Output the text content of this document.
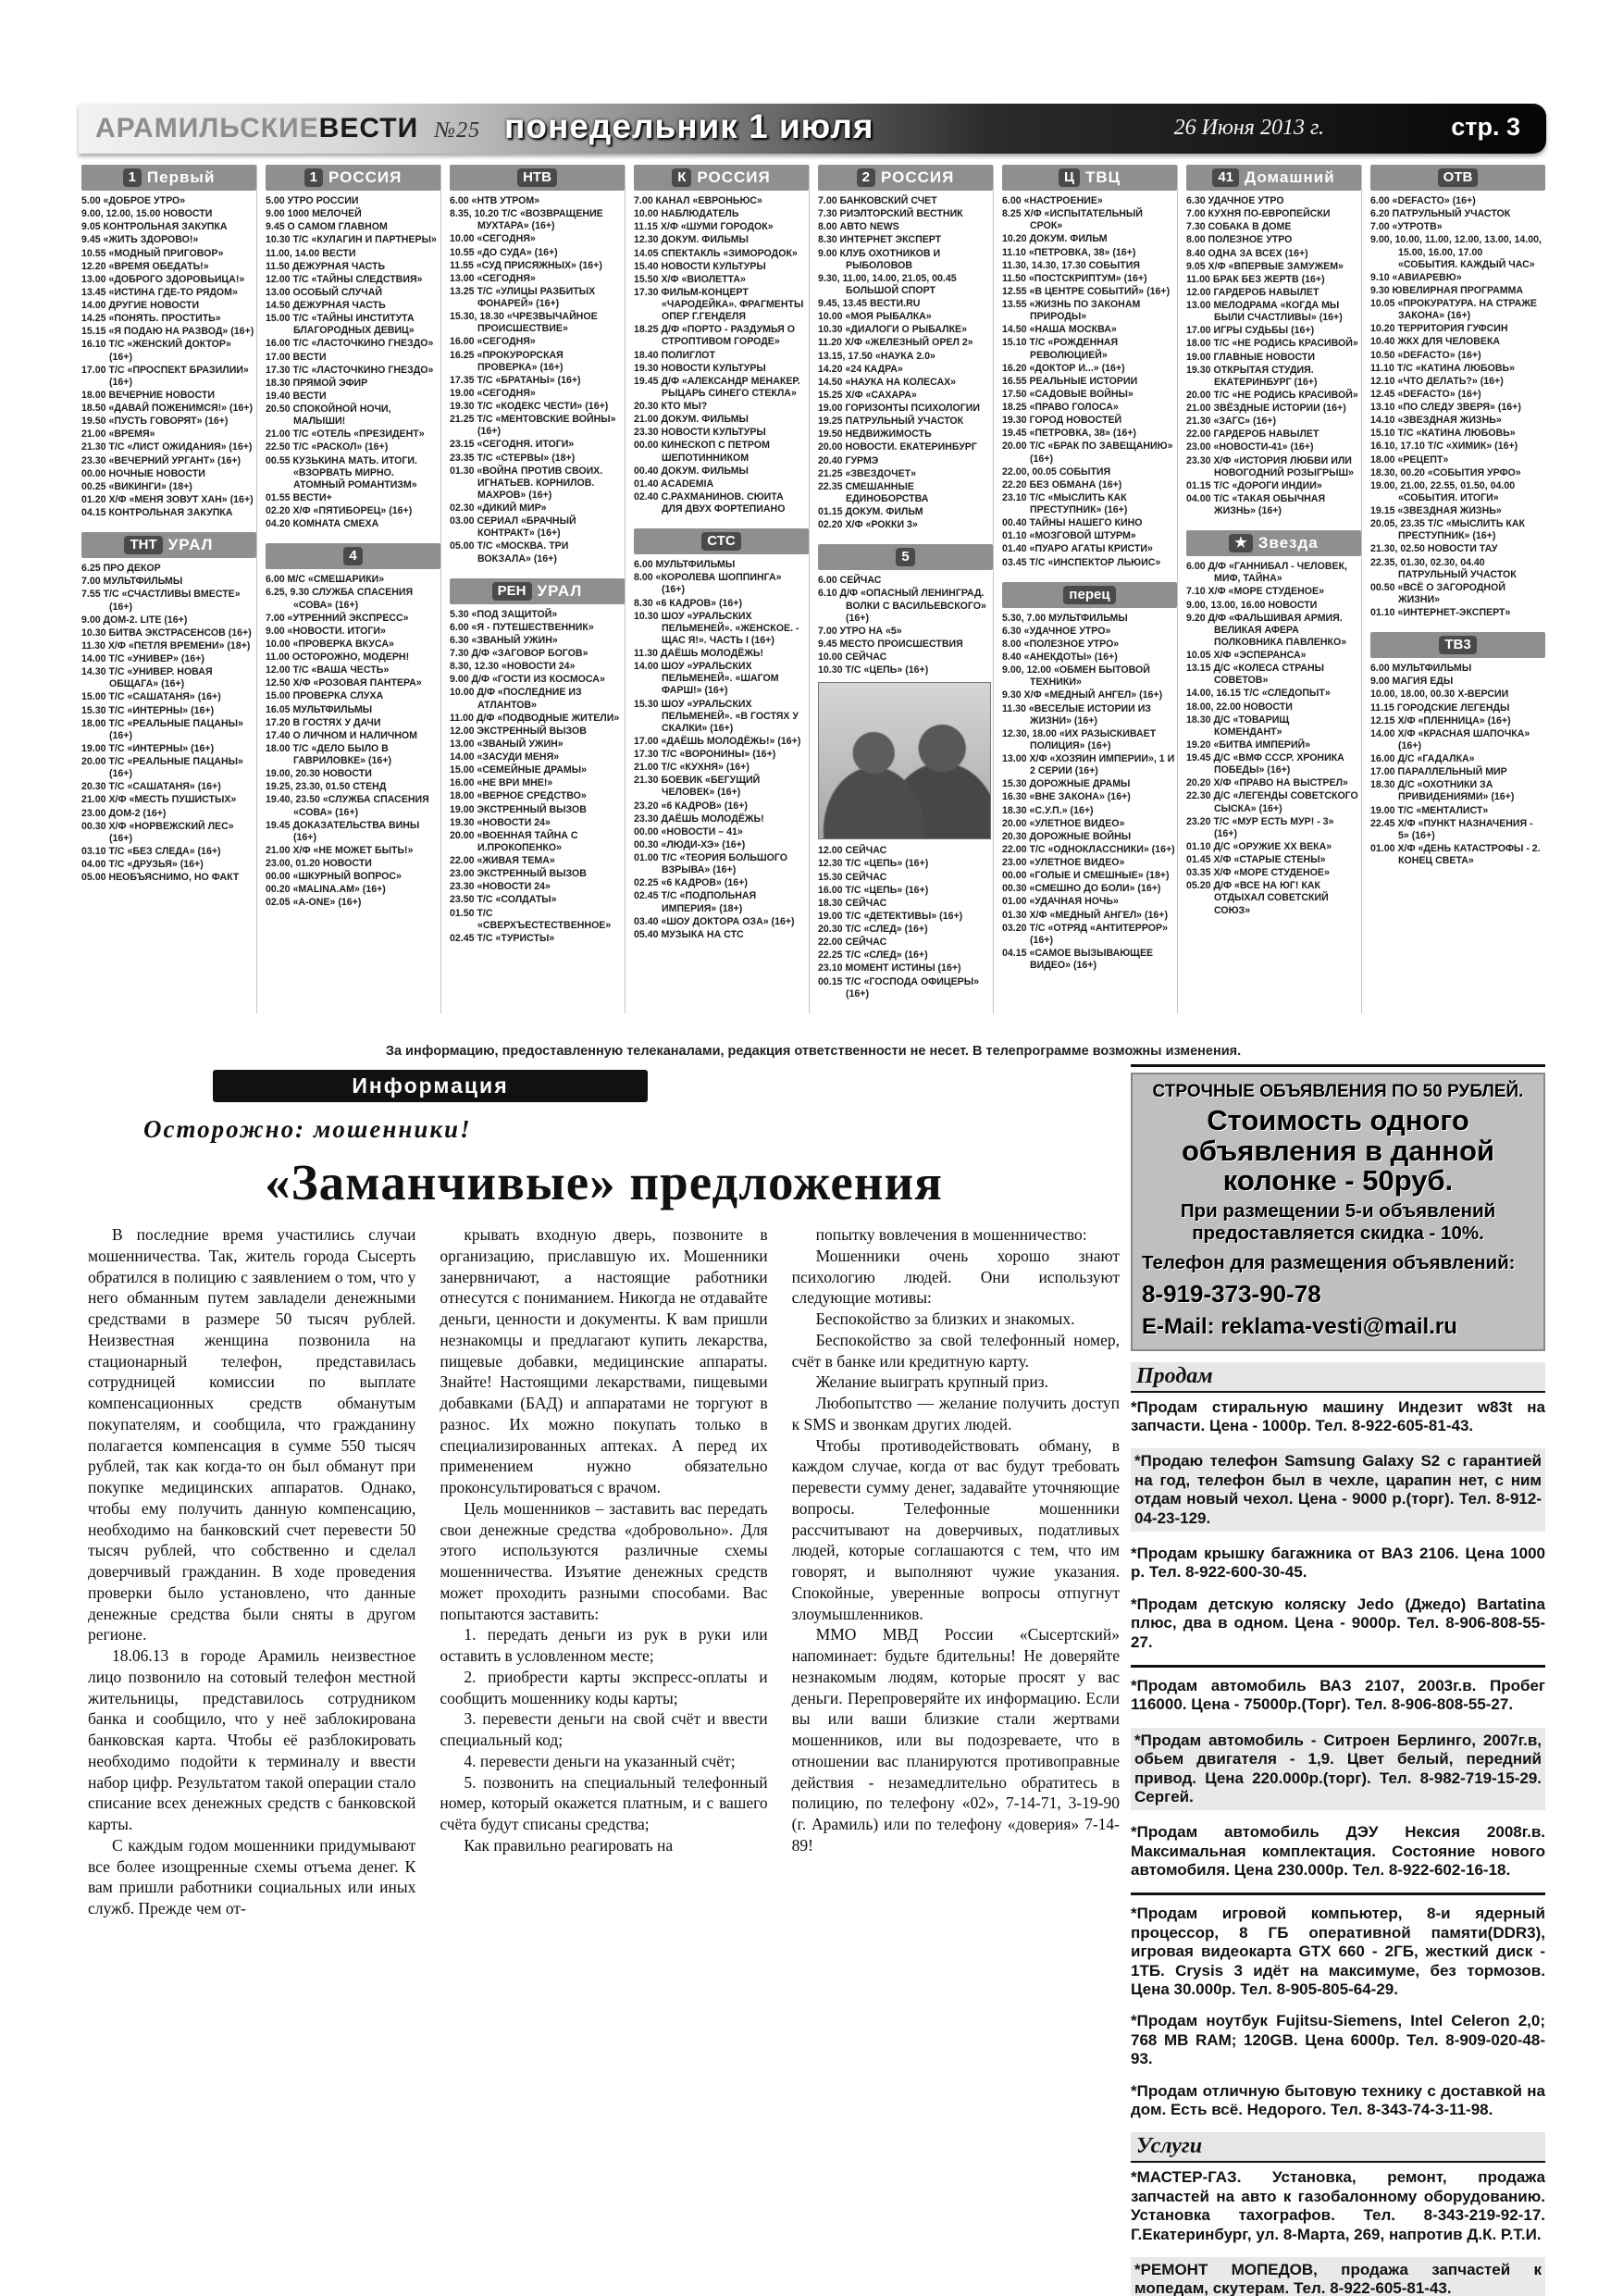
АРАМИЛЬСКИЕВЕСТИ №25 понедельник 1 июля	26 Июня 2013 г.	стр. 3
1 Первый
5.00 «ДОБРОЕ УТРО»
9.00, 12.00, 15.00 НОВОСТИ
9.05 КОНТРОЛЬНАЯ ЗАКУПКА
9.45 «ЖИТЬ ЗДОРОВО!»
10.55 «МОДНЫЙ ПРИГОВОР»
12.20 «ВРЕМЯ ОБЕДАТЬ!»
13.00 «ДОБРОГО ЗДОРОВЬИЦА!»
13.45 «ИСТИНА ГДЕ-ТО РЯДОМ»
14.00 ДРУГИЕ НОВОСТИ
14.25 «ПОНЯТЬ. ПРОСТИТЬ»
15.15 «Я ПОДАЮ НА РАЗВОД» (16+)
16.10 Т/С «ЖЕНСКИЙ ДОКТОР» (16+)
17.00 Т/С «ПРОСПЕКТ БРАЗИЛИИ» (16+)
18.00 ВЕЧЕРНИЕ НОВОСТИ
18.50 «ДАВАЙ ПОЖЕНИМСЯ!» (16+)
19.50 «ПУСТЬ ГОВОРЯТ» (16+)
21.00 «ВРЕМЯ»
21.30 Т/С «ЛИСТ ОЖИДАНИЯ» (16+)
23.30 «ВЕЧЕРНИЙ УРГАНТ» (16+)
00.00 НОЧНЫЕ НОВОСТИ
00.25 «ВИКИНГИ» (18+)
01.20 Х/Ф «МЕНЯ ЗОВУТ ХАН» (16+)
04.15 КОНТРОЛЬНАЯ ЗАКУПКА
ТНТ УРАЛ
6.25 ПРО ДЕКОР
7.00 МУЛЬТФИЛЬМЫ
7.55 Т/С «СЧАСТЛИВЫ ВМЕСТЕ» (16+)
9.00 ДОМ-2. LITE (16+)
10.30 БИТВА ЭКСТРАСЕНСОВ (16+)
11.30 Х/Ф «ПЕТЛЯ ВРЕМЕНИ» (18+)
14.00 Т/С «УНИВЕР» (16+)
14.30 Т/С «УНИВЕР. НОВАЯ ОБЩАГА» (16+)
15.00 Т/С «САШАТАНЯ» (16+)
15.30 Т/С «ИНТЕРНЫ» (16+)
18.00 Т/С «РЕАЛЬНЫЕ ПАЦАНЫ» (16+)
19.00 Т/С «ИНТЕРНЫ» (16+)
20.00 Т/С «РЕАЛЬНЫЕ ПАЦАНЫ» (16+)
20.30 Т/С «САШАТАНЯ» (16+)
21.00 Х/Ф «МЕСТЬ ПУШИСТЫХ»
23.00 ДОМ-2 (16+)
00.30 Х/Ф «НОРВЕЖСКИЙ ЛЕС» (16+)
03.10 Т/С «БЕЗ СЛЕДА» (16+)
04.00 Т/С «ДРУЗЬЯ» (16+)
05.00 НЕОБЪЯСНИМО, НО ФАКТ
1 РОССИЯ
5.00 УТРО РОССИИ
9.00 1000 МЕЛОЧЕЙ
9.45 О САМОМ ГЛАВНОМ
10.30 Т/С «КУЛАГИН И ПАРТНЕРЫ»
11.00, 14.00 ВЕСТИ
11.50 ДЕЖУРНАЯ ЧАСТЬ
12.00 Т/С «ТАЙНЫ СЛЕДСТВИЯ»
13.00 ОСОБЫЙ СЛУЧАЙ
14.50 ДЕЖУРНАЯ ЧАСТЬ
15.00 Т/С «ТАЙНЫ ИНСТИТУТА БЛАГОРОДНЫХ ДЕВИЦ»
16.00 Т/С «ЛАСТОЧКИНО ГНЕЗДО»
17.00 ВЕСТИ
17.30 Т/С «ЛАСТОЧКИНО ГНЕЗДО»
18.30 ПРЯМОЙ ЭФИР
19.40 ВЕСТИ
20.50 СПОКОЙНОЙ НОЧИ, МАЛЫШИ!
21.00 Т/С «ОТЕЛЬ «ПРЕЗИДЕНТ»
22.50 Т/С «РАСКОЛ» (16+)
00.55 КУЗЬКИНА МАТЬ. ИТОГИ. «ВЗОРВАТЬ МИРНО. АТОМНЫЙ РОМАНТИЗМ»
01.55 ВЕСТИ+
02.20 Х/Ф «ПЯТИБОРЕЦ» (16+)
04.20 КОМНАТА СМЕХА
4
6.00 М/С «СМЕШАРИКИ»
6.25, 9.30 СЛУЖБА СПАСЕНИЯ «СОВА» (16+)
7.00 «УТРЕННИЙ ЭКСПРЕСС»
9.00 «НОВОСТИ. ИТОГИ»
10.00 «ПРОВЕРКА ВКУСА»
11.00 ОСТОРОЖНО, МОДЕРН!
12.00 Т/С «ВАША ЧЕСТЬ»
12.50 Х/Ф «РОЗОВАЯ ПАНТЕРА»
15.00 ПРОВЕРКА СЛУХА
16.05 МУЛЬТФИЛЬМЫ
17.20 В ГОСТЯХ У ДАЧИ
17.40 О ЛИЧНОМ И НАЛИЧНОМ
18.00 Т/С «ДЕЛО БЫЛО В ГАВРИЛОВКЕ» (16+)
19.00, 20.30 НОВОСТИ
19.25, 23.30, 01.50 СТЕНД
19.40, 23.50 «СЛУЖБА СПАСЕНИЯ «СОВА» (16+)
19.45 ДОКАЗАТЕЛЬСТВА ВИНЫ (16+)
21.00 Х/Ф «НЕ МОЖЕТ БЫТЬ!»
23.00, 01.20 НОВОСТИ
00.00 «ШКУРНЫЙ ВОПРОС»
00.20 «MALINA.AM» (16+)
02.05 «A-ONE» (16+)
НТВ
6.00 «НТВ УТРОМ»
8.35, 10.20 Т/С «ВОЗВРАЩЕНИЕ МУХТАРА» (16+)
10.00 «СЕГОДНЯ»
10.55 «ДО СУДА» (16+)
11.55 «СУД ПРИСЯЖНЫХ» (16+)
13.00 «СЕГОДНЯ»
13.25 Т/С «УЛИЦЫ РАЗБИТЫХ ФОНАРЕЙ» (16+)
15.30, 18.30 «ЧРЕЗВЫЧАЙНОЕ ПРОИСШЕСТВИЕ»
16.00 «СЕГОДНЯ»
16.25 «ПРОКУРОРСКАЯ ПРОВЕРКА» (16+)
17.35 Т/С «БРАТАНЫ» (16+)
19.00 «СЕГОДНЯ»
19.30 Т/С «КОДЕКС ЧЕСТИ» (16+)
21.25 Т/С «МЕНТОВСКИЕ ВОЙНЫ» (16+)
23.15 «СЕГОДНЯ. ИТОГИ»
23.35 Т/С «СТЕРВЫ» (18+)
01.30 «ВОЙНА ПРОТИВ СВОИХ. ИГНАТЬЕВ. КОРНИЛОВ. МАХРОВ» (16+)
02.30 «ДИКИЙ МИР»
03.00 СЕРИАЛ «БРАЧНЫЙ КОНТРАКТ» (16+)
05.00 Т/С «МОСКВА. ТРИ ВОКЗАЛА» (16+)
РЕН УРАЛ
5.30 «ПОД ЗАЩИТОЙ»
6.00 «Я - ПУТЕШЕСТВЕННИК»
6.30 «ЗВАНЫЙ УЖИН»
7.30 Д/Ф «ЗАГОВОР БОГОВ»
8.30, 12.30 «НОВОСТИ 24»
9.00 Д/Ф «ГОСТИ ИЗ КОСМОСА»
10.00 Д/Ф «ПОСЛЕДНИЕ ИЗ АТЛАНТОВ»
11.00 Д/Ф «ПОДВОДНЫЕ ЖИТЕЛИ»
12.00 ЭКСТРЕННЫЙ ВЫЗОВ
13.00 «ЗВАНЫЙ УЖИН»
14.00 «ЗАСУДИ МЕНЯ»
15.00 «СЕМЕЙНЫЕ ДРАМЫ»
16.00 «НЕ ВРИ МНЕ!»
18.00 «ВЕРНОЕ СРЕДСТВО»
19.00 ЭКСТРЕННЫЙ ВЫЗОВ
19.30 «НОВОСТИ 24»
20.00 «ВОЕННАЯ ТАЙНА С И.ПРОКОПЕНКО»
22.00 «ЖИВАЯ ТЕМА»
23.00 ЭКСТРЕННЫЙ ВЫЗОВ
23.30 «НОВОСТИ 24»
23.50 Т/С «СОЛДАТЫ»
01.50 Т/С «СВЕРХЪЕСТЕСТВЕННОЕ»
02.45 Т/С «ТУРИСТЫ»
К РОССИЯ
7.00 КАНАЛ «ЕВРОНЬЮС»
10.00 НАБЛЮДАТЕЛЬ
11.15 Х/Ф «ШУМИ ГОРОДОК»
12.30 ДОКУМ. ФИЛЬМЫ
14.05 СПЕКТАКЛЬ «ЗИМОРОДОК»
15.40 НОВОСТИ КУЛЬТУРЫ
15.50 Х/Ф «ВИОЛЕТТА»
17.30 ФИЛЬМ-КОНЦЕРТ «ЧАРОДЕЙКА». ФРАГМЕНТЫ ОПЕР Г.ГЕНДЕЛЯ
18.25 Д/Ф «ПОРТО - РАЗДУМЬЯ О СТРОПТИВОМ ГОРОДЕ»
18.40 ПОЛИГЛОТ
19.30 НОВОСТИ КУЛЬТУРЫ
19.45 Д/Ф «АЛЕКСАНДР МЕНАКЕР. РЫЦАРЬ СИНЕГО СТЕКЛА»
20.30 КТО МЫ?
21.00 ДОКУМ. ФИЛЬМЫ
23.30 НОВОСТИ КУЛЬТУРЫ
00.00 КИНЕСКОП С ПЕТРОМ ШЕПОТИННИКОМ
00.40 ДОКУМ. ФИЛЬМЫ
01.40 ACADEMIA
02.40 С.РАХМАНИНОВ. СЮИТА ДЛЯ ДВУХ ФОРТЕПИАНО
СТС
6.00 МУЛЬТФИЛЬМЫ
8.00 «КОРОЛЕВА ШОППИНГА» (16+)
8.30 «6 КАДРОВ» (16+)
10.30 ШОУ «УРАЛЬСКИХ ПЕЛЬМЕНЕЙ». «ЖЕНСКОЕ. - ЩАС Я!». ЧАСТЬ I (16+)
11.30 ДАЁШЬ МОЛОДЁЖЬ!
14.00 ШОУ «УРАЛЬСКИХ ПЕЛЬМЕНЕЙ». «ШАГОМ ФАРШ!» (16+)
15.30 ШОУ «УРАЛЬСКИХ ПЕЛЬМЕНЕЙ». «В ГОСТЯХ У СКАЛКИ» (16+)
17.00 «ДАЁШЬ МОЛОДЁЖЬ!» (16+)
17.30 Т/С «ВОРОНИНЫ» (16+)
21.00 Т/С «КУХНЯ» (16+)
21.30 БОЕВИК «БЕГУЩИЙ ЧЕЛОВЕК» (16+)
23.20 «6 КАДРОВ» (16+)
23.30 ДАЁШЬ МОЛОДЁЖЬ!
00.00 «НОВОСТИ – 41»
00.30 «ЛЮДИ-ХЭ» (16+)
01.00 Т/С «ТЕОРИЯ БОЛЬШОГО ВЗРЫВА» (16+)
02.25 «6 КАДРОВ» (16+)
02.45 Т/С «ПОДПОЛЬНАЯ ИМПЕРИЯ» (18+)
03.40 «ШОУ ДОКТОРА ОЗА» (16+)
05.40 МУЗЫКА НА СТС
2 РОССИЯ
7.00 БАНКОВСКИЙ СЧЕТ
7.30 РИЭЛТОРСКИЙ ВЕСТНИК
8.00 АВТО NEWS
8.30 ИНТЕРНЕТ ЭКСПЕРТ
9.00 КЛУБ ОХОТНИКОВ И РЫБОЛОВОВ
9.30, 11.00, 14.00, 21.05, 00.45 БОЛЬШОЙ СПОРТ
9.45, 13.45 ВЕСТИ.RU
10.00 «МОЯ РЫБАЛКА»
10.30 «ДИАЛОГИ О РЫБАЛКЕ»
11.20 Х/Ф «ЖЕЛЕЗНЫЙ ОРЕЛ 2»
13.15, 17.50 «НАУКА 2.0»
14.20 «24 КАДРА»
14.50 «НАУКА НА КОЛЕСАХ»
15.25 Х/Ф «САХАРА»
19.00 ГОРИЗОНТЫ ПСИХОЛОГИИ
19.25 ПАТРУЛЬНЫЙ УЧАСТОК
19.50 НЕДВИЖИМОСТЬ
20.00 НОВОСТИ. ЕКАТЕРИНБУРГ
20.40 ГУРМЭ
21.25 «ЗВЕЗДОЧЕТ»
22.35 СМЕШАННЫЕ ЕДИНОБОРСТВА
01.15 ДОКУМ. ФИЛЬМ
02.20 Х/Ф «РОККИ 3»
5
6.00 СЕЙЧАС
6.10 Д/Ф «ОПАСНЫЙ ЛЕНИНГРАД. ВОЛКИ С ВАСИЛЬЕВСКОГО» (16+)
7.00 УТРО НА «5»
9.45 МЕСТО ПРОИСШЕСТВИЯ
10.00 СЕЙЧАС
10.30 Т/С «ЦЕПЬ» (16+)
12.00 СЕЙЧАС
12.30 Т/С «ЦЕПЬ» (16+)
15.30 СЕЙЧАС
16.00 Т/С «ЦЕПЬ» (16+)
18.30 СЕЙЧАС
19.00 Т/С «ДЕТЕКТИВЫ» (16+)
20.30 Т/С «СЛЕД» (16+)
22.00 СЕЙЧАС
22.25 Т/С «СЛЕД» (16+)
23.10 МОМЕНТ ИСТИНЫ (16+)
00.15 Т/С «ГОСПОДА ОФИЦЕРЫ» (16+)
Ц ТВЦ
6.00 «НАСТРОЕНИЕ»
8.25 Х/Ф «ИСПЫТАТЕЛЬНЫЙ СРОК»
10.20 ДОКУМ. ФИЛЬМ
11.10 «ПЕТРОВКА, 38» (16+)
11.30, 14.30, 17.30 СОБЫТИЯ
11.50 «ПОСТСКРИПТУМ» (16+)
12.55 «В ЦЕНТРЕ СОБЫТИЙ» (16+)
13.55 «ЖИЗНЬ ПО ЗАКОНАМ ПРИРОДЫ»
14.50 «НАША МОСКВА»
15.10 Т/С «РОЖДЕННАЯ РЕВОЛЮЦИЕЙ»
16.20 «ДОКТОР И...» (16+)
16.55 РЕАЛЬНЫЕ ИСТОРИИ
17.50 «САДОВЫЕ ВОЙНЫ»
18.25 «ПРАВО ГОЛОСА»
19.30 ГОРОД НОВОСТЕЙ
19.45 «ПЕТРОВКА, 38» (16+)
20.00 Т/С «БРАК ПО ЗАВЕЩАНИЮ» (16+)
22.00, 00.05 СОБЫТИЯ
22.20 БЕЗ ОБМАНА (16+)
23.10 Т/С «МЫСЛИТЬ КАК ПРЕСТУПНИК» (16+)
00.40 ТАЙНЫ НАШЕГО КИНО
01.10 «МОЗГОВОЙ ШТУРМ»
01.40 «ПУАРО АГАТЫ КРИСТИ»
03.45 Т/С «ИНСПЕКТОР ЛЬЮИС»
перец
5.30, 7.00 МУЛЬТФИЛЬМЫ
6.30 «УДАЧНОЕ УТРО»
8.00 «ПОЛЕЗНОЕ УТРО»
8.40 «АНЕКДОТЫ» (16+)
9.00, 12.00 «ОБМЕН БЫТОВОЙ ТЕХНИКИ»
9.30 Х/Ф «МЕДНЫЙ АНГЕЛ» (16+)
11.30 «ВЕСЕЛЫЕ ИСТОРИИ ИЗ ЖИЗНИ» (16+)
12.30, 18.00 «ИХ РАЗЫСКИВАЕТ ПОЛИЦИЯ» (16+)
13.00 Х/Ф «ХОЗЯИН ИМПЕРИИ», 1 И 2 СЕРИИ (16+)
15.30 ДОРОЖНЫЕ ДРАМЫ
16.30 «ВНЕ ЗАКОНА» (16+)
18.30 «С.У.П.» (16+)
20.00 «УЛЕТНОЕ ВИДЕО»
20.30 ДОРОЖНЫЕ ВОЙНЫ
22.00 Т/С «ОДНОКЛАССНИКИ» (16+)
23.00 «УЛЕТНОЕ ВИДЕО»
00.00 «ГОЛЫЕ И СМЕШНЫЕ» (18+)
00.30 «СМЕШНО ДО БОЛИ» (16+)
01.00 «УДАЧНАЯ НОЧЬ»
01.30 Х/Ф «МЕДНЫЙ АНГЕЛ» (16+)
03.20 Т/С «ОТРЯД «АНТИТЕРРОР» (16+)
04.15 «САМОЕ ВЫЗЫВАЮЩЕЕ ВИДЕО» (16+)
41 Домашний
6.30 УДАЧНОЕ УТРО
7.00 КУХНЯ ПО-ЕВРОПЕЙСКИ
7.30 СОБАКА В ДОМЕ
8.00 ПОЛЕЗНОЕ УТРО
8.40 ОДНА ЗА ВСЕХ (16+)
9.05 Х/Ф «ВПЕРВЫЕ ЗАМУЖЕМ»
11.00 БРАК БЕЗ ЖЕРТВ (16+)
12.00 ГАРДЕРОБ НАВЫЛЕТ
13.00 МЕЛОДРАМА «КОГДА МЫ БЫЛИ СЧАСТЛИВЫ» (16+)
17.00 ИГРЫ СУДЬБЫ (16+)
18.00 Т/С «НЕ РОДИСЬ КРАСИВОЙ»
19.00 ГЛАВНЫЕ НОВОСТИ
19.30 ОТКРЫТАЯ СТУДИЯ. ЕКАТЕРИНБУРГ (16+)
20.00 Т/С «НЕ РОДИСЬ КРАСИВОЙ»
21.00 ЗВЁЗДНЫЕ ИСТОРИИ (16+)
21.30 «ЗАГС» (16+)
22.00 ГАРДЕРОБ НАВЫЛЕТ
23.00 «НОВОСТИ-41» (16+)
23.30 Х/Ф «ИСТОРИЯ ЛЮБВИ ИЛИ НОВОГОДНИЙ РОЗЫГРЫШ»
01.15 Т/С «ДОРОГИ ИНДИИ»
04.00 Т/С «ТАКАЯ ОБЫЧНАЯ ЖИЗНЬ» (16+)
★ Звезда
6.00 Д/Ф «ГАННИБАЛ - ЧЕЛОВЕК, МИФ, ТАЙНА»
7.10 Х/Ф «МОРЕ СТУДЕНОЕ»
9.00, 13.00, 16.00 НОВОСТИ
9.20 Д/Ф «ФАЛЬШИВАЯ АРМИЯ. ВЕЛИКАЯ АФЕРА ПОЛКОВНИКА ПАВЛЕНКО»
10.05 Х/Ф «ЭСПЕРАНСА»
13.15 Д/С «КОЛЕСА СТРАНЫ СОВЕТОВ»
14.00, 16.15 Т/С «СЛЕДОПЫТ»
18.00, 22.00 НОВОСТИ
18.30 Д/С «ТОВАРИЩ КОМЕНДАНТ»
19.20 «БИТВА ИМПЕРИЙ»
19.45 Д/С «ВМФ СССР. ХРОНИКА ПОБЕДЫ» (16+)
20.20 Х/Ф «ПРАВО НА ВЫСТРЕЛ»
22.30 Д/С «ЛЕГЕНДЫ СОВЕТСКОГО СЫСКА» (16+)
23.20 Т/С «МУР ЕСТЬ МУР! - 3» (16+)
01.10 Д/С «ОРУЖИЕ XX ВЕКА»
01.45 Х/Ф «СТАРЫЕ СТЕНЫ»
03.35 Х/Ф «МОРЕ СТУДЕНОЕ»
05.20 Д/Ф «ВСЕ НА ЮГ! КАК ОТДЫХАЛ СОВЕТСКИЙ СОЮЗ»
ОТВ
6.00 «DEFACTO» (16+)
6.20 ПАТРУЛЬНЫЙ УЧАСТОК
7.00 «УТРОТВ»
9.00, 10.00, 11.00, 12.00, 13.00, 14.00, 15.00, 16.00, 17.00 «СОБЫТИЯ. КАЖДЫЙ ЧАС»
9.10 «АВИАРЕВЮ»
9.30 ЮВЕЛИРНАЯ ПРОГРАММА
10.05 «ПРОКУРАТУРА. НА СТРАЖЕ ЗАКОНА» (16+)
10.20 ТЕРРИТОРИЯ ГУФСИН
10.40 ЖКХ ДЛЯ ЧЕЛОВЕКА
10.50 «DEFACTO» (16+)
11.10 Т/С «КАТИНА ЛЮБОВЬ»
12.10 «ЧТО ДЕЛАТЬ?» (16+)
12.45 «DEFACTO» (16+)
13.10 «ПО СЛЕДУ ЗВЕРЯ» (16+)
14.10 «ЗВЕЗДНАЯ ЖИЗНЬ»
15.10 Т/С «КАТИНА ЛЮБОВЬ»
16.10, 17.10 Т/С «ХИМИК» (16+)
18.00 «РЕЦЕПТ»
18.30, 00.20 «СОБЫТИЯ УРФО»
19.00, 21.00, 22.55, 01.50, 04.00 «СОБЫТИЯ. ИТОГИ»
19.15 «ЗВЕЗДНАЯ ЖИЗНЬ»
20.05, 23.35 Т/С «МЫСЛИТЬ КАК ПРЕСТУПНИК» (16+)
21.30, 02.50 НОВОСТИ ТАУ
22.35, 01.30, 02.30, 04.40 ПАТРУЛЬНЫЙ УЧАСТОК
00.50 «ВСЁ О ЗАГОРОДНОЙ ЖИЗНИ»
01.10 «ИНТЕРНЕТ-ЭКСПЕРТ»
ТВ3
6.00 МУЛЬТФИЛЬМЫ
9.00 МАГИЯ ЕДЫ
10.00, 18.00, 00.30 Х-ВЕРСИИ
11.15 ГОРОДСКИЕ ЛЕГЕНДЫ
12.15 Х/Ф «ПЛЕННИЦА» (16+)
14.00 Х/Ф «КРАСНАЯ ШАПОЧКА» (16+)
16.00 Д/С «ГАДАЛКА»
17.00 ПАРАЛЛЕЛЬНЫЙ МИР
18.30 Д/С «ОХОТНИКИ ЗА ПРИВИДЕНИЯМИ» (16+)
19.00 Т/С «МЕНТАЛИСТ»
22.45 Х/Ф «ПУНКТ НАЗНАЧЕНИЯ - 5» (16+)
01.00 Х/Ф «ДЕНЬ КАТАСТРОФЫ - 2. КОНЕЦ СВЕТА»
За информацию, предоставленную телеканалами, редакция ответственности не несет. В телепрограмме возможны изменения.
Информация
Осторожно: мошенники!
«Заманчивые» предложения

В последние время участились случаи мошенничества. Так, житель города Сысерть обратился в полицию с заявлением о том, что у него обманным путем завладели денежными средствами в размере 50 тысяч рублей. Неизвестная женщина позвонила на стационарный телефон, представилась сотрудницей комиссии по выплате компенсационных средств обманутым покупателям, и сообщила, что гражданину полагается компенсация в сумме 550 тысяч рублей, так как когда-то он был обманут при покупке медицинских аппаратов. Однако, чтобы ему получить данную компенсацию, необходимо на банковский счет перевести 50 тысяч рублей, что собственно и сделал доверчивый гражданин. В ходе проведения проверки было установлено, что данные денежные средства были сняты в другом регионе.

18.06.13 в городе Арамиль неизвестное лицо позвонило на сотовый телефон местной жительницы, представилось сотрудником банка и сообщило, что у неё заблокирована банковская карта. Чтобы её разблокировать необходимо подойти к терминалу и ввести набор цифр. Результатом такой операции стало списание всех денежных средств с банковской карты.

С каждым годом мошенники придумывают все более изощренные схемы отъема денег. К вам пришли работники социальных или иных служб. Прежде чем от-

крывать входную дверь, позвоните в организацию, приславшую их. Мошенники занервничают, а настоящие работники отнесутся с пониманием. Никогда не отдавайте деньги, ценности и документы. К вам пришли незнакомцы и предлагают купить лекарства, пищевые добавки, медицинские аппараты. Знайте! Настоящими лекарствами, пищевыми добавками (БАД) и аппаратами не торгуют в разнос. Их можно покупать только в специализированных аптеках. А перед их применением нужно обязательно проконсультироваться с врачом.

Цель мошенников – заставить вас передать свои денежные средства «добровольно». Для этого используются различные схемы мошенничества. Изъятие денежных средств может проходить разными способами. Вас попытаются заставить:

1. передать деньги из рук в руки или оставить в условленном месте;

2. приобрести карты экспресс-оплаты и сообщить мошеннику коды карты;

3. перевести деньги на свой счёт и ввести специальный код;

4. перевести деньги на указанный счёт;

5. позвонить на специальный телефонный номер, который окажется платным, и с вашего счёта будут списаны средства;

Как правильно реагировать на

попытку вовлечения в мошенничество:

Мошенники очень хорошо знают психологию людей. Они используют следующие мотивы:

Беспокойство за близких и знакомых.

Беспокойство за свой телефонный номер, счёт в банке или кредитную карту.

Желание выиграть крупный приз.

Любопытство — желание получить доступ к SMS и звонкам других людей.

Чтобы противодействовать обману, в каждом случае, когда от вас будут требовать перевести сумму денег, задавайте уточняющие вопросы. Телефонные мошенники рассчитывают на доверчивых, податливых людей, которые соглашаются с тем, что им говорят, и выполняют чужие указания. Спокойные, уверенные вопросы отпугнут злоумышленников.

ММО МВД России «Сысертский» напоминает: будьте бдительны! Не доверяйте незнакомым людям, которые просят у вас деньги. Перепроверяйте их информацию. Если вы или ваши близкие стали жертвами мошенников, или вы подозреваете, что в отношении вас планируются противоправные действия - незамедлительно обратитесь в полицию, по телефону «02», 7-14-71, 3-19-90 (г. Арамиль) или по телефону «доверия» 7-14-89!

СТРОЧНЫЕ ОБЪЯВЛЕНИЯ ПО 50 РУБЛЕЙ.
Стоимость одного объявления в данной колонке - 50руб.
При размещении 5-и объявлений предоставляется скидка - 10%.
Телефон для размещения объявлений:
8-919-373-90-78
E-Mail: reklama-vesti@mail.ru
Продам

*Продам стиральную машину Индезит w83t на запчасти. Цена - 1000р. Тел. 8-922-605-81-43.

*Продаю телефон Samsung Galaxy S2 с гарантией на год, телефон был в чехле, царапин нет, с ним отдам новый чехол. Цена - 9000 р.(торг). Тел. 8-912-04-23-129.

*Продам крышку багажника от ВАЗ 2106. Цена 1000 р. Тел. 8-922-600-30-45.

*Продам детскую коляску Jedo (Джедо) Bartatina плюс, два в одном. Цена - 9000р. Тел. 8-906-808-55-27.

*Продам автомобиль ВАЗ 2107, 2003г.в. Пробег 116000. Цена - 75000р.(Торг). Тел. 8-906-808-55-27.

*Продам автомобиль - Ситроен Берлинго, 2007г.в, обьем двигателя - 1,9. Цвет белый, передний привод. Цена 220.000р.(торг). Тел. 8-982-719-15-29. Сергей.

*Продам автомобиль ДЭУ Нексия 2008г.в. Максимальная комплектация. Состояние нового автомобиля. Цена 230.000р. Тел. 8-922-602-16-18.

*Продам игровой компьютер, 8-и ядерный процессор, 8 ГБ оперативной памяти(DDR3), игровая видеокарта GTX 660 - 2ГБ, жесткий диск - 1ТБ. Crysis 3 идёт на максимуме, без тормозов. Цена 30.000р. Тел. 8-905-805-64-29.

*Продам ноутбук Fujitsu-Siemens, Intel Celeron 2,0; 768 MB RAM; 120GB. Цена 6000р. Тел. 8-909-020-48-93.

*Продам отличную бытовую технику с доставкой на дом. Есть всё. Недорого. Тел. 8-343-74-3-11-98.

Услуги

*МАСТЕР-ГАЗ. Установка, ремонт, продажа запчастей на авто к газобалонному оборудованию. Установка тахографов. Тел. 8-343-219-92-17. Г.Екатеринбург, ул. 8-Марта, 269, напротив Д.К. Р.Т.И.

*РЕМОНТ МОПЕДОВ, продажа запчастей к мопедам, скутерам. Тел. 8-922-605-81-43.
